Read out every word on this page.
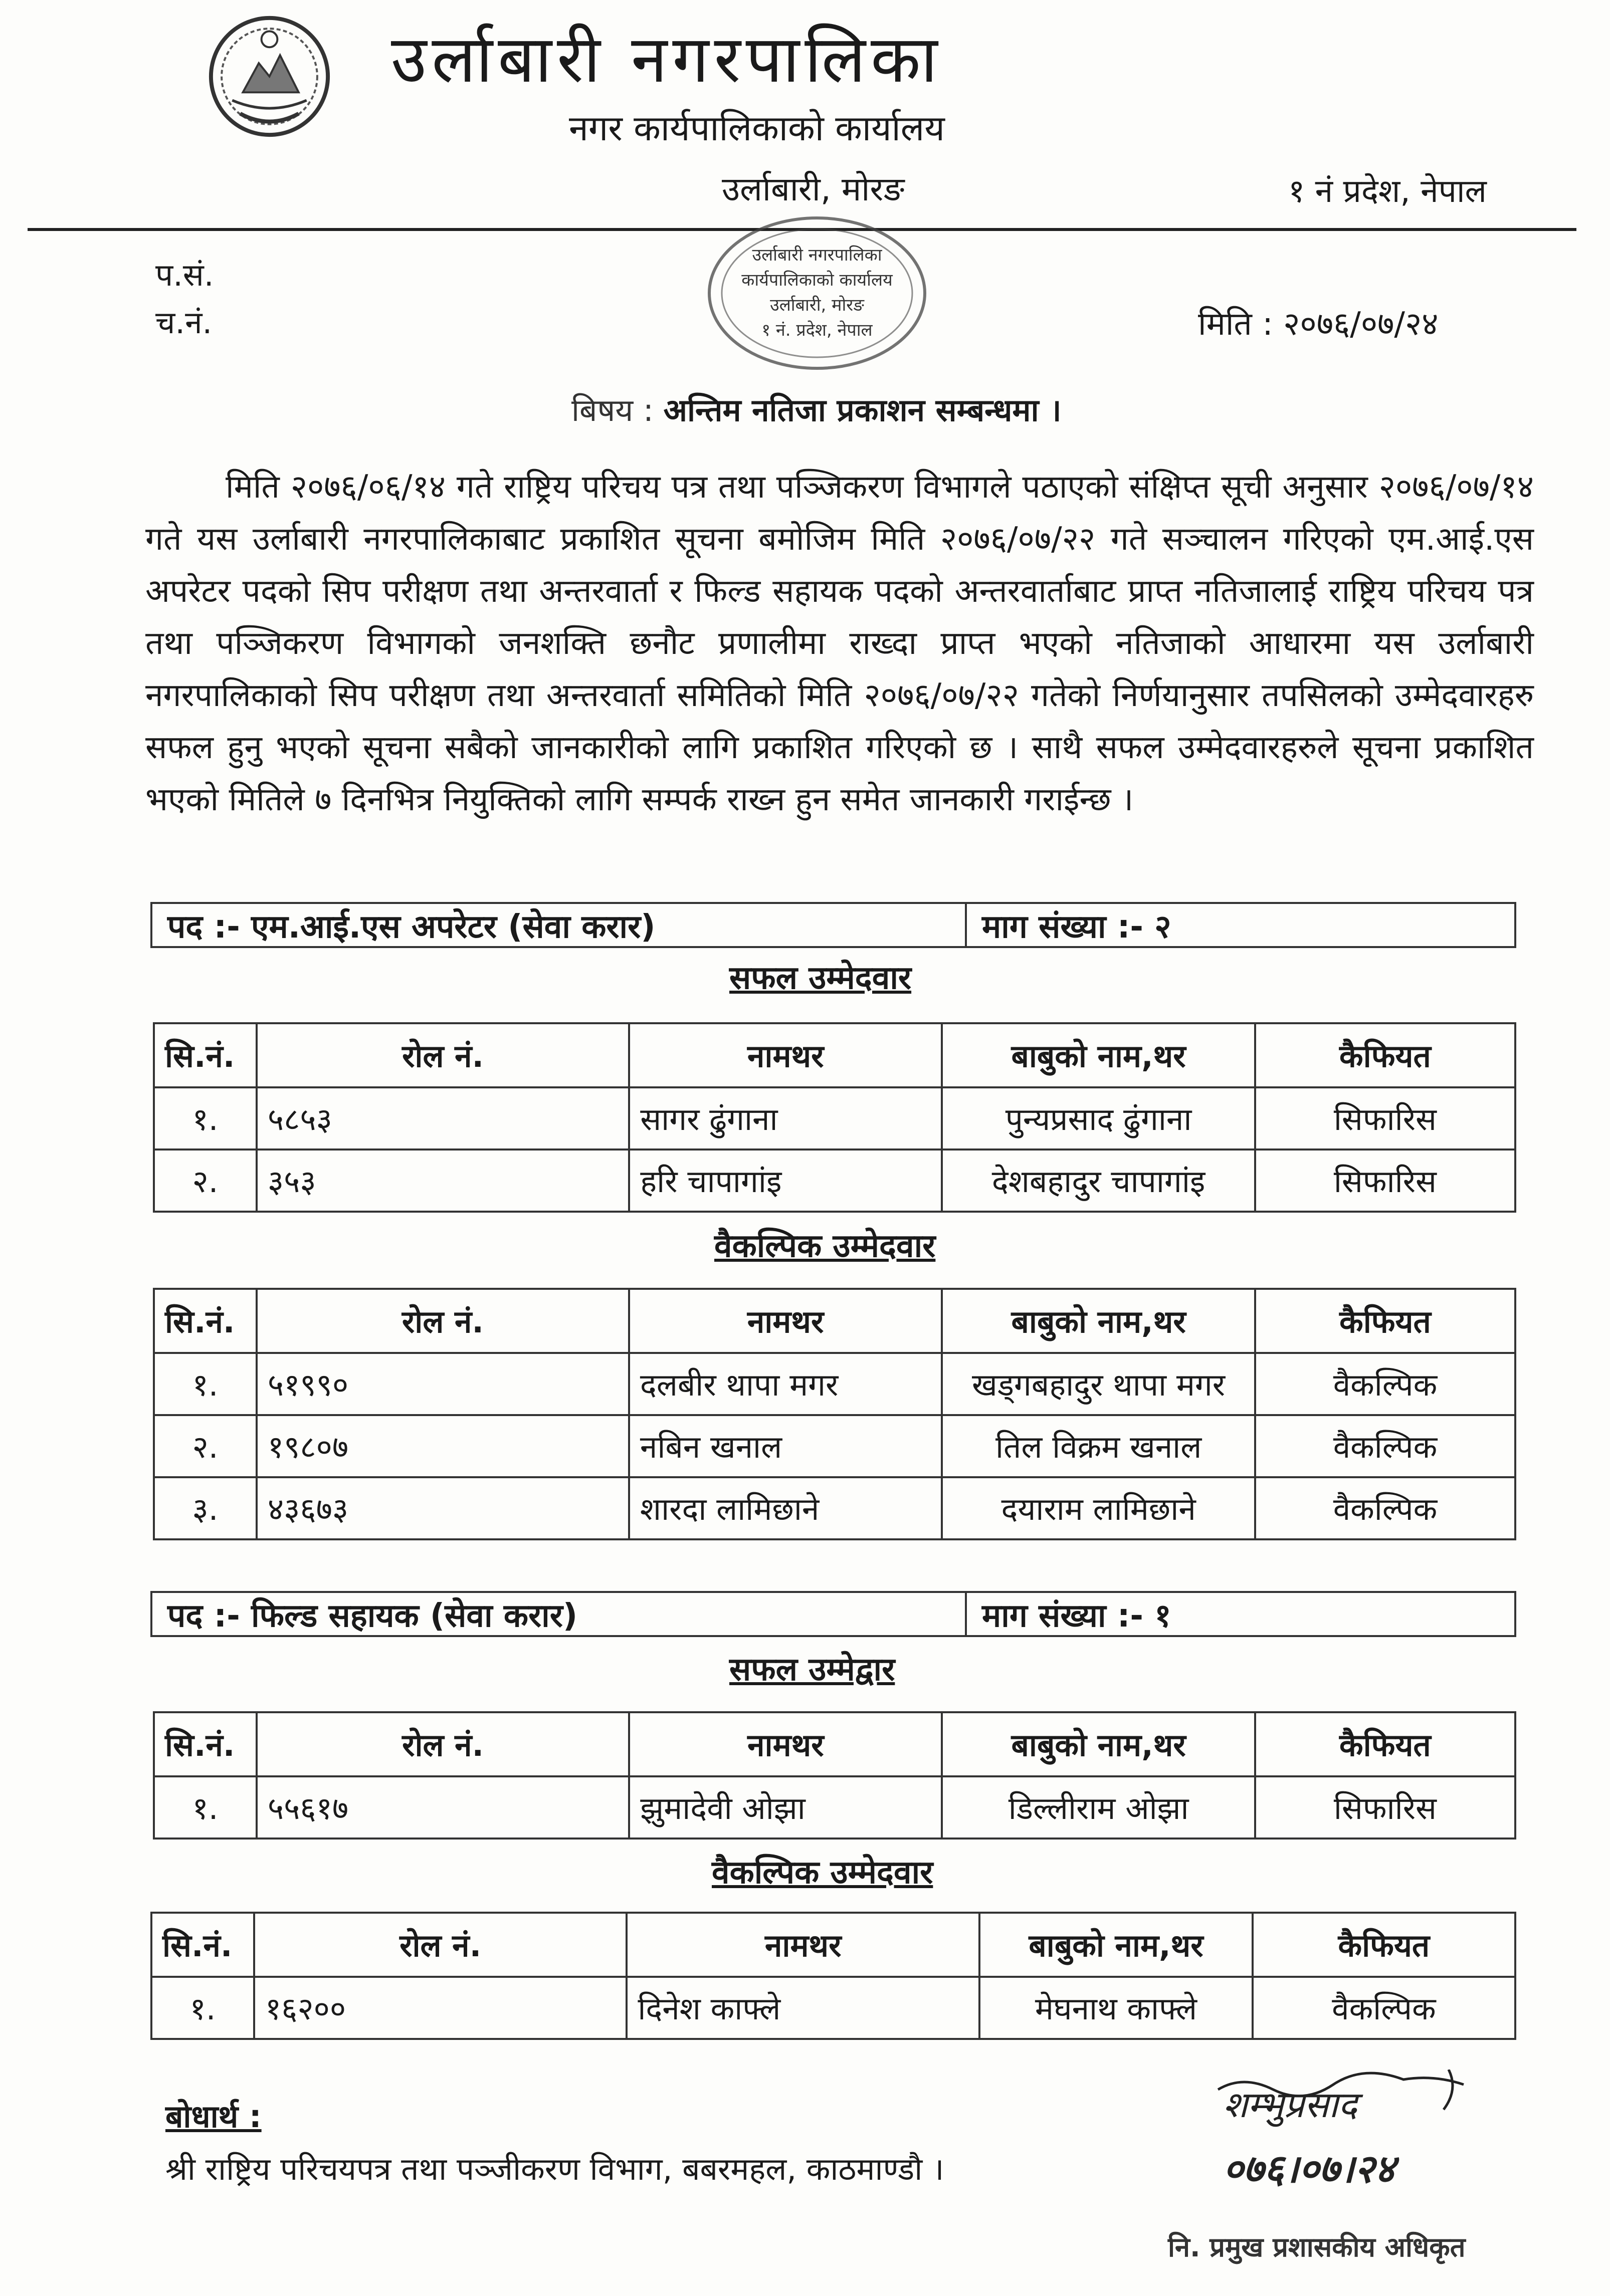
उर्लाबारी नगरपालिका
नगर कार्यपालिकाको कार्यालय
उर्लाबारी, मोरङ	१ नं प्रदेश, नेपाल
उर्लाबारी नगरपालिका
कार्यपालिकाको कार्यालय
उर्लाबारी, मोरङ
१ नं. प्रदेश, नेपाल
प.सं.
च.नं.	मिति : २०७६/०७/२४
बिषय : अन्तिम नतिजा प्रकाशन सम्बन्धमा ।
मिति २०७६/०६/१४ गते राष्ट्रिय परिचय पत्र तथा पञ्जिकरण विभागले पठाएको संक्षिप्त सूची अनुसार २०७६/०७/१४ गते यस उर्लाबारी नगरपालिकाबाट प्रकाशित सूचना बमोजिम मिति २०७६/०७/२२ गते सञ्चालन गरिएको एम.आई.एस अपरेटर पदको सिप परीक्षण तथा अन्तरवार्ता र फिल्ड सहायक पदको अन्तरवार्ताबाट प्राप्त नतिजालाई राष्ट्रिय परिचय पत्र तथा पञ्जिकरण विभागको जनशक्ति छनौट प्रणालीमा राख्दा प्राप्त भएको नतिजाको आधारमा यस उर्लाबारी नगरपालिकाको सिप परीक्षण तथा अन्तरवार्ता समितिको मिति २०७६/०७/२२ गतेको निर्णयानुसार तपसिलको उम्मेदवारहरु सफल हुनु भएको सूचना सबैको जानकारीको लागि प्रकाशित गरिएको छ । साथै सफल उम्मेदवारहरुले सूचना प्रकाशित भएको मितिले ७ दिनभित्र नियुक्तिको लागि सम्पर्क राख्न हुन समेत जानकारी गराईन्छ ।
पद :- एम.आई.एस अपरेटर (सेवा करार)	माग संख्या :- २
सफल उम्मेदवार
सि.नं.	रोल नं.	नामथर	बाबुको नाम,थर	कैफियत
१.	५८५३	सागर ढुंगाना	पुन्यप्रसाद ढुंगाना	सिफारिस
२.	३५३	हरि चापागांइ	देशबहादुर चापागांइ	सिफारिस
वैकल्पिक उम्मेदवार
सि.नं.	रोल नं.	नामथर	बाबुको नाम,थर	कैफियत
१.	५१९९०	दलबीर थापा मगर	खड्गबहादुर थापा मगर	वैकल्पिक
२.	१९८०७	नबिन खनाल	तिल विक्रम खनाल	वैकल्पिक
३.	४३६७३	शारदा लामिछाने	दयाराम लामिछाने	वैकल्पिक
पद :- फिल्ड सहायक (सेवा करार)	माग संख्या :- १
सफल उम्मेद्वार
सि.नं.	रोल नं.	नामथर	बाबुको नाम,थर	कैफियत
१.	५५६१७	झुमादेवी ओझा	डिल्लीराम ओझा	सिफारिस
वैकल्पिक उम्मेदवार
सि.नं.	रोल नं.	नामथर	बाबुको नाम,थर	कैफियत
१.	१६२००	दिनेश काफ्ले	मेघनाथ काफ्ले	वैकल्पिक
बोधार्थ :
श्री राष्ट्रिय परिचयपत्र तथा पञ्जीकरण विभाग, बबरमहल, काठमाण्डौ ।
शम्भुप्रसाद
०७६।०७।२४
नि. प्रमुख प्रशासकीय अधिकृत
